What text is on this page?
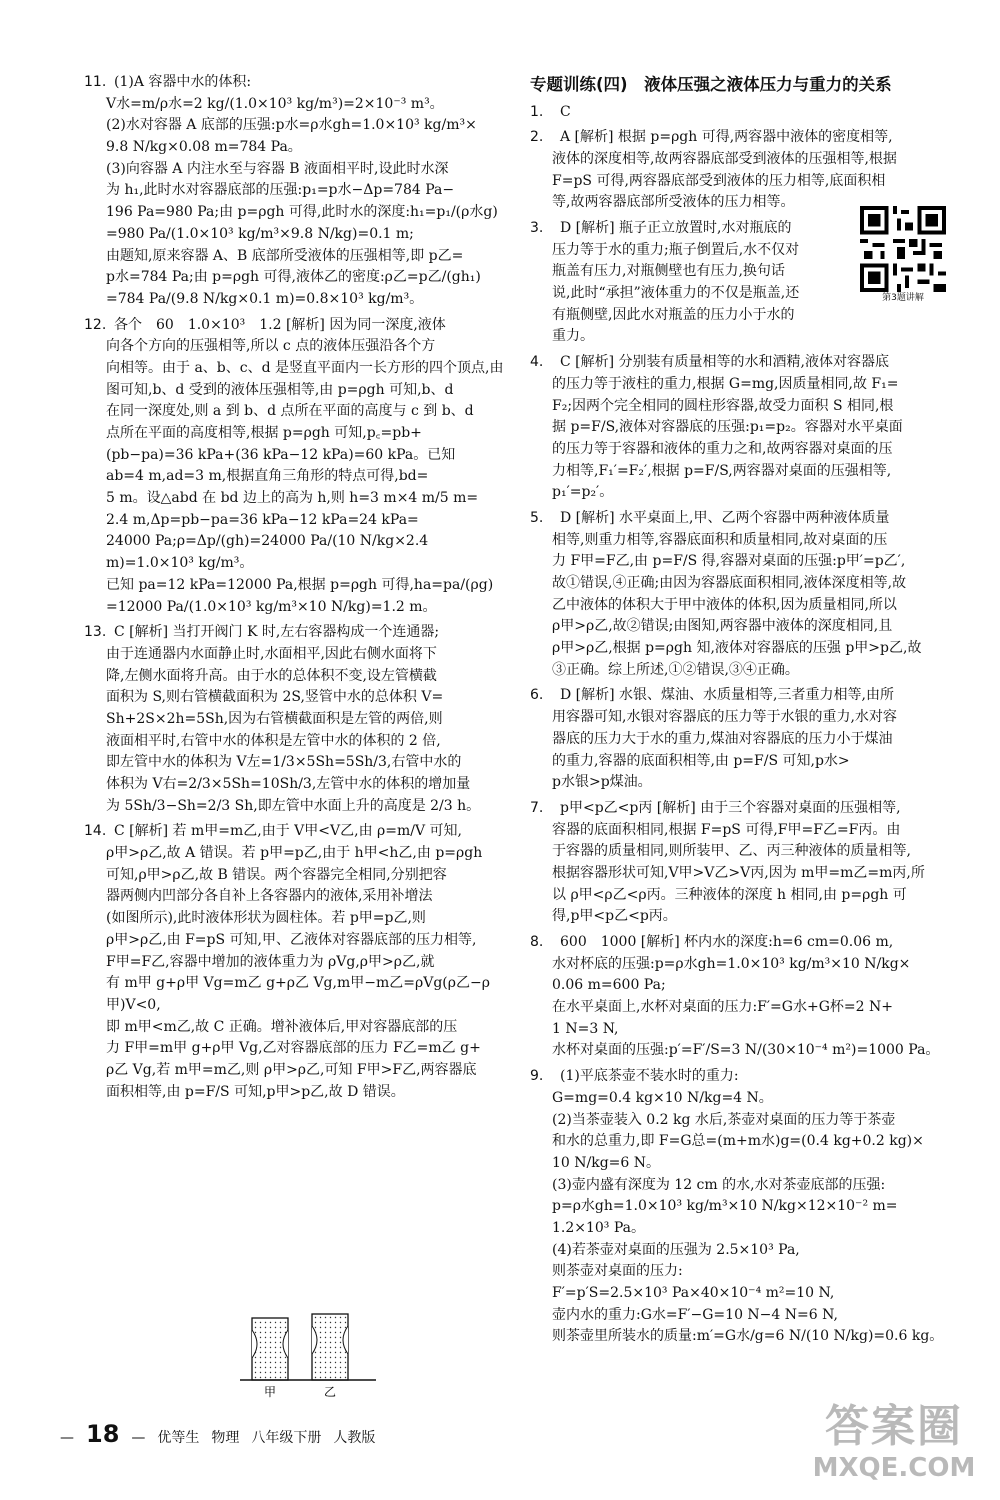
11. (1)A 容器中水的体积:
V水=m/ρ水=2 kg/(1.0×10³ kg/m³)=2×10⁻³ m³。
(2)水对容器 A 底部的压强:p水=ρ水gh=1.0×10³ kg/m³×
9.8 N/kg×0.08 m=784 Pa。
(3)向容器 A 内注水至与容器 B 液面相平时,设此时水深
为 h₁,此时水对容器底部的压强:p₁=p水−Δp=784 Pa−
196 Pa=980 Pa;由 p=ρgh 可得,此时水的深度:h₁=p₁/(ρ水g)
=980 Pa/(1.0×10³ kg/m³×9.8 N/kg)=0.1 m;
由题知,原来容器 A、B 底部所受液体的压强相等,即 p乙=
p水=784 Pa;由 p=ρgh 可得,液体乙的密度:ρ乙=p乙/(gh₁)
=784 Pa/(9.8 N/kg×0.1 m)=0.8×10³ kg/m³。
12. 各个　60　1.0×10³　1.2 [解析] 因为同一深度,液体
向各个方向的压强相等,所以 c 点的液体压强沿各个方
向相等。由于 a、b、c、d 是竖直平面内一长方形的四个顶点,由
图可知,b、d 受到的液体压强相等,由 p=ρgh 可知,b、d
在同一深度处,则 a 到 b、d 点所在平面的高度与 c 到 b、d
点所在平面的高度相等,根据 p=ρgh 可知,p꜀=pb+
(pb−pa)=36 kPa+(36 kPa−12 kPa)=60 kPa。已知
ab=4 m,ad=3 m,根据直角三角形的特点可得,bd=
5 m。设△abd 在 bd 边上的高为 h,则 h=3 m×4 m/5 m=
2.4 m,Δp=pb−pa=36 kPa−12 kPa=24 kPa=
24000 Pa;ρ=Δp/(gh)=24000 Pa/(10 N/kg×2.4 m)=1.0×10³ kg/m³。
已知 pa=12 kPa=12000 Pa,根据 p=ρgh 可得,ha=pa/(ρg)
=12000 Pa/(1.0×10³ kg/m³×10 N/kg)=1.2 m。
13. C [解析] 当打开阀门 K 时,左右容器构成一个连通器;
由于连通器内水面静止时,水面相平,因此右侧水面将下
降,左侧水面将升高。由于水的总体积不变,设左管横截
面积为 S,则右管横截面积为 2S,竖管中水的总体积 V=
Sh+2S×2h=5Sh,因为右管横截面积是左管的两倍,则
液面相平时,右管中水的体积是左管中水的体积的 2 倍,
即左管中水的体积为 V左=1/3×5Sh=5Sh/3,右管中水的
体积为 V右=2/3×5Sh=10Sh/3,左管中水的体积的增加量
为 5Sh/3−Sh=2/3 Sh,即左管中水面上升的高度是 2/3 h。
14. C [解析] 若 m甲=m乙,由于 V甲<V乙,由 ρ=m/V 可知,
ρ甲>ρ乙,故 A 错误。若 p甲=p乙,由于 h甲<h乙,由 p=ρgh
可知,ρ甲>ρ乙,故 B 错误。两个容器完全相同,分别把容
器两侧内凹部分各自补上各容器内的液体,采用补增法
(如图所示),此时液体形状为圆柱体。若 p甲=p乙,则
ρ甲>ρ乙,由 F=pS 可知,甲、乙液体对容器底部的压力相等,
F甲=F乙,容器中增加的液体重力为 ρVg,ρ甲>ρ乙,就
有 m甲 g+ρ甲 Vg=m乙 g+ρ乙 Vg,m甲−m乙=ρVg(ρ乙−ρ甲)V<0,
即 m甲<m乙,故 C 正确。增补液体后,甲对容器底部的压
力 F甲=m甲 g+ρ甲 Vg,乙对容器底部的压力 F乙=m乙 g+
ρ乙 Vg,若 m甲=m乙,则 ρ甲>ρ乙,可知 F甲>F乙,两容器底
面积相等,由 p=F/S 可知,p甲>p乙,故 D 错误。
专题训练(四)　液体压强之液体压力与重力的关系
1. C
2. A [解析] 根据 p=ρgh 可得,两容器中液体的密度相等,
液体的深度相等,故两容器底部受到液体的压强相等,根据
F=pS 可得,两容器底部受到液体的压力相等,底面积相
等,故两容器底部所受液体的压力相等。
3. D [解析] 瓶子正立放置时,水对瓶底的
压力等于水的重力;瓶子倒置后,水不仅对
瓶盖有压力,对瓶侧壁也有压力,换句话
说,此时“承担”液体重力的不仅是瓶盖,还
有瓶侧壁,因此水对瓶盖的压力小于水的
重力。
4. C [解析] 分别装有质量相等的水和酒精,液体对容器底
的压力等于液柱的重力,根据 G=mg,因质量相同,故 F₁=
F₂;因两个完全相同的圆柱形容器,故受力面积 S 相同,根
据 p=F/S,液体对容器底的压强:p₁=p₂。容器对水平桌面
的压力等于容器和液体的重力之和,故两容器对桌面的压
力相等,F₁′=F₂′,根据 p=F/S,两容器对桌面的压强相等,
p₁′=p₂′。
5. D [解析] 水平桌面上,甲、乙两个容器中两种液体质量
相等,则重力相等,容器底面积和质量相同,故对桌面的压
力 F甲=F乙,由 p=F/S 得,容器对桌面的压强:p甲′=p乙′,
故①错误,④正确;由因为容器底面积相同,液体深度相等,故
乙中液体的体积大于甲中液体的体积,因为质量相同,所以
ρ甲>ρ乙,故②错误;由图知,两容器中液体的深度相同,且
ρ甲>ρ乙,根据 p=ρgh 知,液体对容器底的压强 p甲>p乙,故
③正确。综上所述,①②错误,③④正确。
6. D [解析] 水银、煤油、水质量相等,三者重力相等,由所
用容器可知,水银对容器底的压力等于水银的重力,水对容
器底的压力大于水的重力,煤油对容器底的压力小于煤油
的重力,容器的底面积相等,由 p=F/S 可知,p水>
p水银>p煤油。
7. p甲<p乙<p丙 [解析] 由于三个容器对桌面的压强相等,
容器的底面积相同,根据 F=pS 可得,F甲=F乙=F丙。由
于容器的质量相同,则所装甲、乙、丙三种液体的质量相等,
根据容器形状可知,V甲>V乙>V丙,因为 m甲=m乙=m丙,所
以 ρ甲<ρ乙<ρ丙。三种液体的深度 h 相同,由 p=ρgh 可
得,p甲<p乙<p丙。
8. 600　1000 [解析] 杯内水的深度:h=6 cm=0.06 m,
水对杯底的压强:p=ρ水gh=1.0×10³ kg/m³×10 N/kg×
0.06 m=600 Pa;
在水平桌面上,水杯对桌面的压力:F′=G水+G杯=2 N+
1 N=3 N,
水杯对桌面的压强:p′=F′/S=3 N/(30×10⁻⁴ m²)=1000 Pa。
9. (1)平底茶壶不装水时的重力:
G=mg=0.4 kg×10 N/kg=4 N。
(2)当茶壶装入 0.2 kg 水后,茶壶对桌面的压力等于茶壶
和水的总重力,即 F=G总=(m+m水)g=(0.4 kg+0.2 kg)×
10 N/kg=6 N。
(3)壶内盛有深度为 12 cm 的水,水对茶壶底部的压强:
p=ρ水gh=1.0×10³ kg/m³×10 N/kg×12×10⁻² m=
1.2×10³ Pa。
(4)若茶壶对桌面的压强为 2.5×10³ Pa,
则茶壶对桌面的压力:
F′=p′S=2.5×10³ Pa×40×10⁻⁴ m²=10 N,
壶内水的重力:G水=F′−G=10 N−4 N=6 N,
则茶壶里所装水的质量:m′=G水/g=6 N/(10 N/kg)=0.6 kg。
第3题讲解
甲	乙
— 18 — 优等生 物理 八年级下册 人教版	答案圈
MXQE.COM
